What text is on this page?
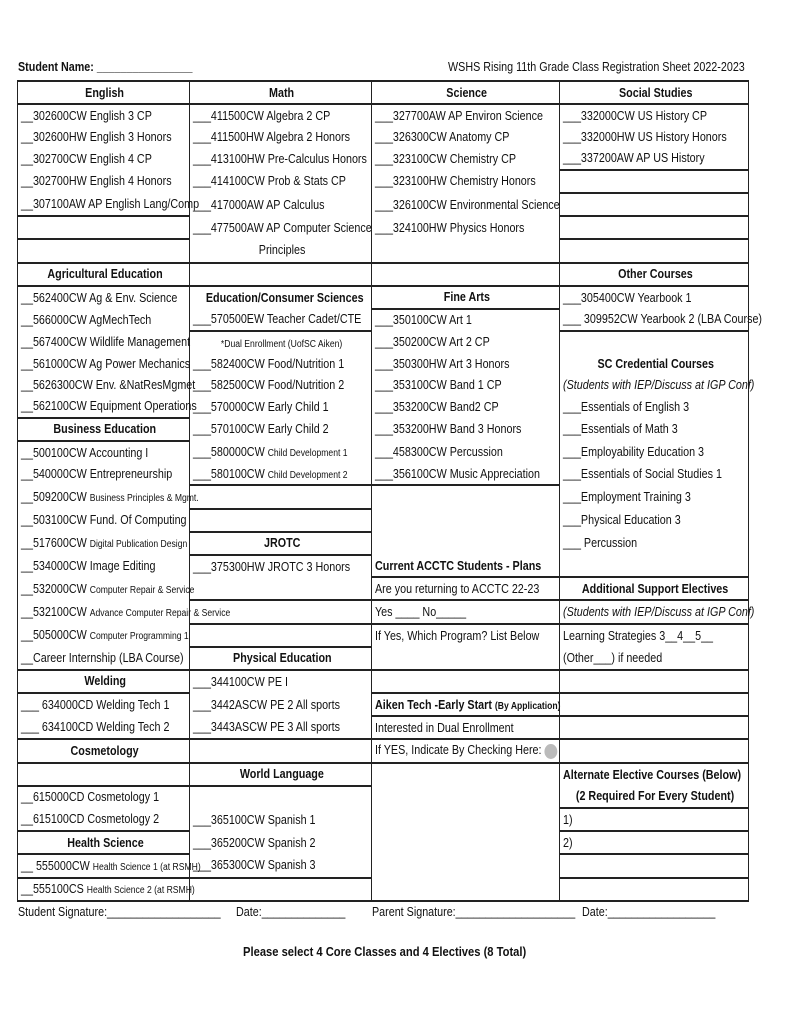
Student Name: ________________	WSHS Rising 11th Grade Class Registration Sheet 2022-2023
English	Math	Science	Social Studies
__302600CW English 3 CP	___411500CW Algebra 2 CP	___327700AW AP Environ Science	___332000CW US History CP
__302600HW English 3 Honors	___411500HW Algebra 2 Honors	___326300CW Anatomy CP	___332000HW US History Honors
__302700CW English 4 CP	___413100HW Pre-Calculus Honors	___323100CW Chemistry CP	___337200AW AP US History
__302700HW English 4 Honors	___414100CW Prob & Stats CP	___323100HW Chemistry Honors	
__307100AW AP English Lang/Comp	___417000AW AP Calculus	___326100CW Environmental Science	
	___477500AW AP Computer Science	___324100HW Physics Honors	
	Principles		
Agricultural Education			Other Courses
__562400CW Ag & Env. Science	Education/Consumer Sciences	Fine Arts	___305400CW Yearbook 1
__566000CW AgMechTech	___570500EW Teacher Cadet/CTE	___350100CW Art 1	___ 309952CW Yearbook 2 (LBA Course)
__567400CW Wildlife Management	*Dual Enrollment (UofSC Aiken)	___350200CW Art 2 CP	
__561000CW Ag Power Mechanics	___582400CW Food/Nutrition 1	___350300HW Art 3 Honors	SC Credential Courses
__5626300CW Env. &NatResMgmet	___582500CW Food/Nutrition 2	___353100CW Band 1 CP	(Students with IEP/Discuss at IGP Conf)
__562100CW Equipment Operations	___570000CW Early Child 1	___353200CW Band2 CP	___Essentials of English 3
Business Education	___570100CW Early Child 2	___353200HW Band 3 Honors	___Essentials of Math 3
__500100CW Accounting I	___580000CW Child Development 1	___458300CW Percussion	___Employability Education 3
__540000CW Entrepreneurship	___580100CW Child Development 2	___356100CW Music Appreciation	___Essentials of Social Studies 1
__509200CW Business Principles & Mgmt.			___Employment Training 3
__503100CW Fund. Of Computing			___Physical Education 3
__517600CW Digital Publication Design	JROTC		___ Percussion
__534000CW Image Editing	___375300HW JROTC 3 Honors	Current ACCTC Students - Plans	
__532000CW Computer Repair & Service		Are you returning to ACCTC 22-23	Additional Support Electives
__532100CW Advance Computer Repair & Service		Yes ____ No_____	(Students with IEP/Discuss at IGP Conf)
__505000CW Computer Programming 1		If Yes, Which Program? List Below	Learning Strategies 3__4__5__
__Career Internship (LBA Course)	Physical Education		(Other___) if needed
Welding	___344100CW PE I		
___ 634000CD Welding Tech 1	___3442ASCW PE 2 All sports	Aiken Tech -Early Start (By Application)	
___ 634100CD Welding Tech 2	___3443ASCW PE 3 All sports	Interested in Dual Enrollment	
Cosmetology		If YES, Indicate By Checking Here:	
	World Language		Alternate Elective Courses (Below)
__615000CD Cosmetology 1			(2 Required For Every Student)
__615100CD Cosmetology 2	___365100CW Spanish 1		1)
Health Science	___365200CW Spanish 2		2)
__ 555000CW Health Science 1 (at RSMH)	___365300CW Spanish 3		
__555100CS Health Science 2 (at RSMH)			
Student Signature:___________________ Date:______________ Parent Signature:____________________ Date:__________________
Please select 4 Core Classes and 4 Electives (8 Total)
